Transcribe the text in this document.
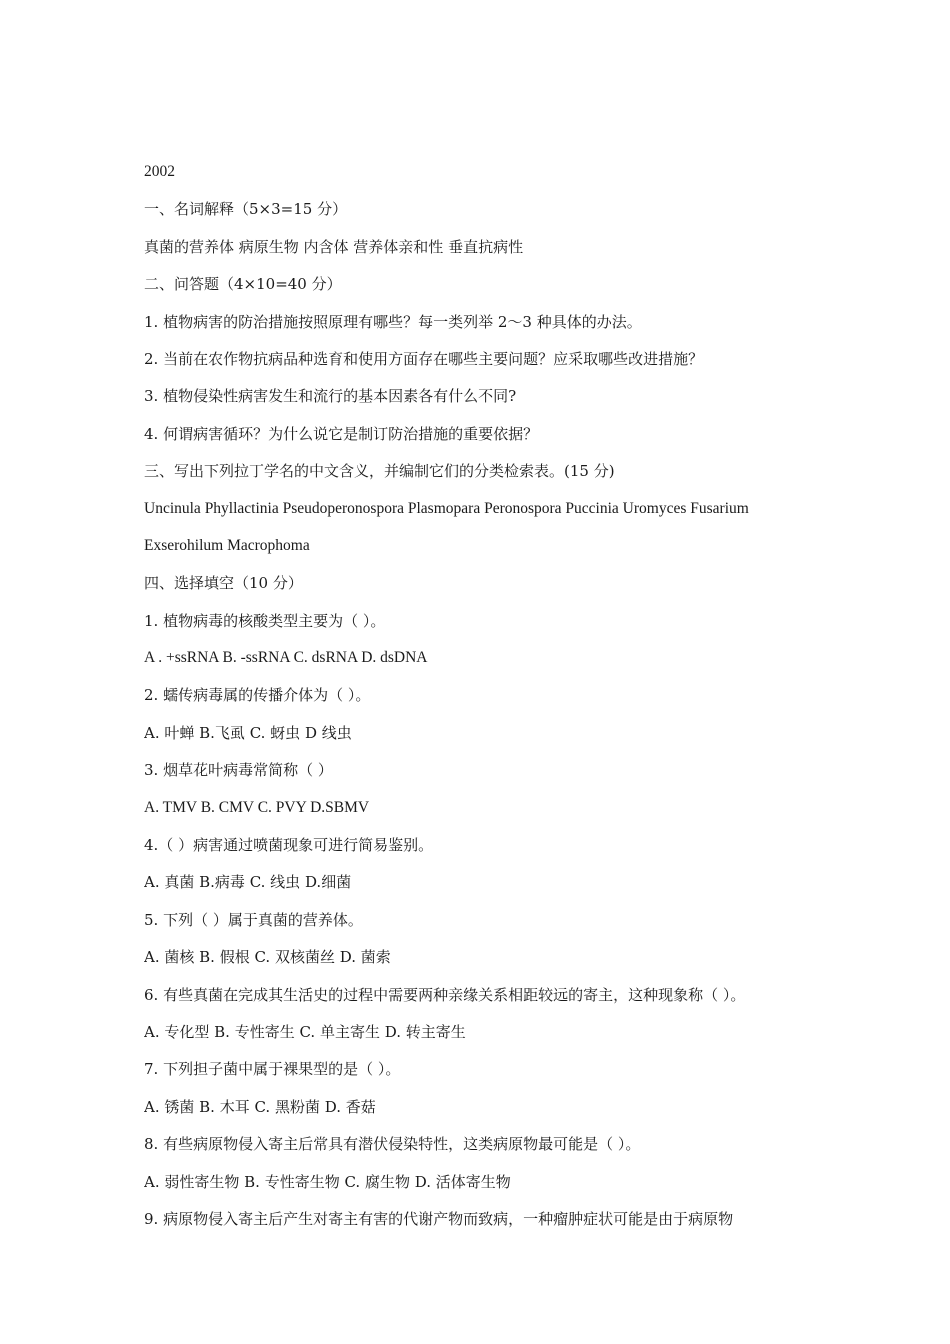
2002
一、名词解释（5×3=15 分）
真菌的营养体 病原生物 内含体 营养体亲和性 垂直抗病性
二、问答题（4×10=40 分）
1. 植物病害的防治措施按照原理有哪些？每一类列举 2～3 种具体的办法。
2. 当前在农作物抗病品种选育和使用方面存在哪些主要问题？应采取哪些改进措施？
3. 植物侵染性病害发生和流行的基本因素各有什么不同?
4. 何谓病害循环？为什么说它是制订防治措施的重要依据？
三、写出下列拉丁学名的中文含义，并编制它们的分类检索表。(15 分)
Uncinula Phyllactinia Pseudoperonospora Plasmopara Peronospora Puccinia Uromyces Fusarium
Exserohilum Macrophoma
四、选择填空（10 分）
1. 植物病毒的核酸类型主要为（ ）。
A . +ssRNA B. -ssRNA C. dsRNA D. dsDNA
2. 蠕传病毒属的传播介体为（ ）。
A. 叶蝉 B.飞虱 C. 蚜虫 D 线虫
3. 烟草花叶病毒常简称（ ）
A. TMV B. CMV C. PVY D.SBMV
4.（ ）病害通过喷菌现象可进行简易鉴别。
A. 真菌 B.病毒 C. 线虫 D.细菌
5. 下列（ ）属于真菌的营养体。
A. 菌核 B. 假根 C. 双核菌丝 D. 菌索
6. 有些真菌在完成其生活史的过程中需要两种亲缘关系相距较远的寄主，这种现象称（ ）。
A. 专化型 B. 专性寄生 C. 单主寄生 D. 转主寄生
7. 下列担子菌中属于裸果型的是（ ）。
A. 锈菌 B. 木耳 C. 黑粉菌 D. 香菇
8. 有些病原物侵入寄主后常具有潜伏侵染特性，这类病原物最可能是（ ）。
A. 弱性寄生物 B. 专性寄生物 C. 腐生物 D. 活体寄生物
9. 病原物侵入寄主后产生对寄主有害的代谢产物而致病，一种瘤肿症状可能是由于病原物
